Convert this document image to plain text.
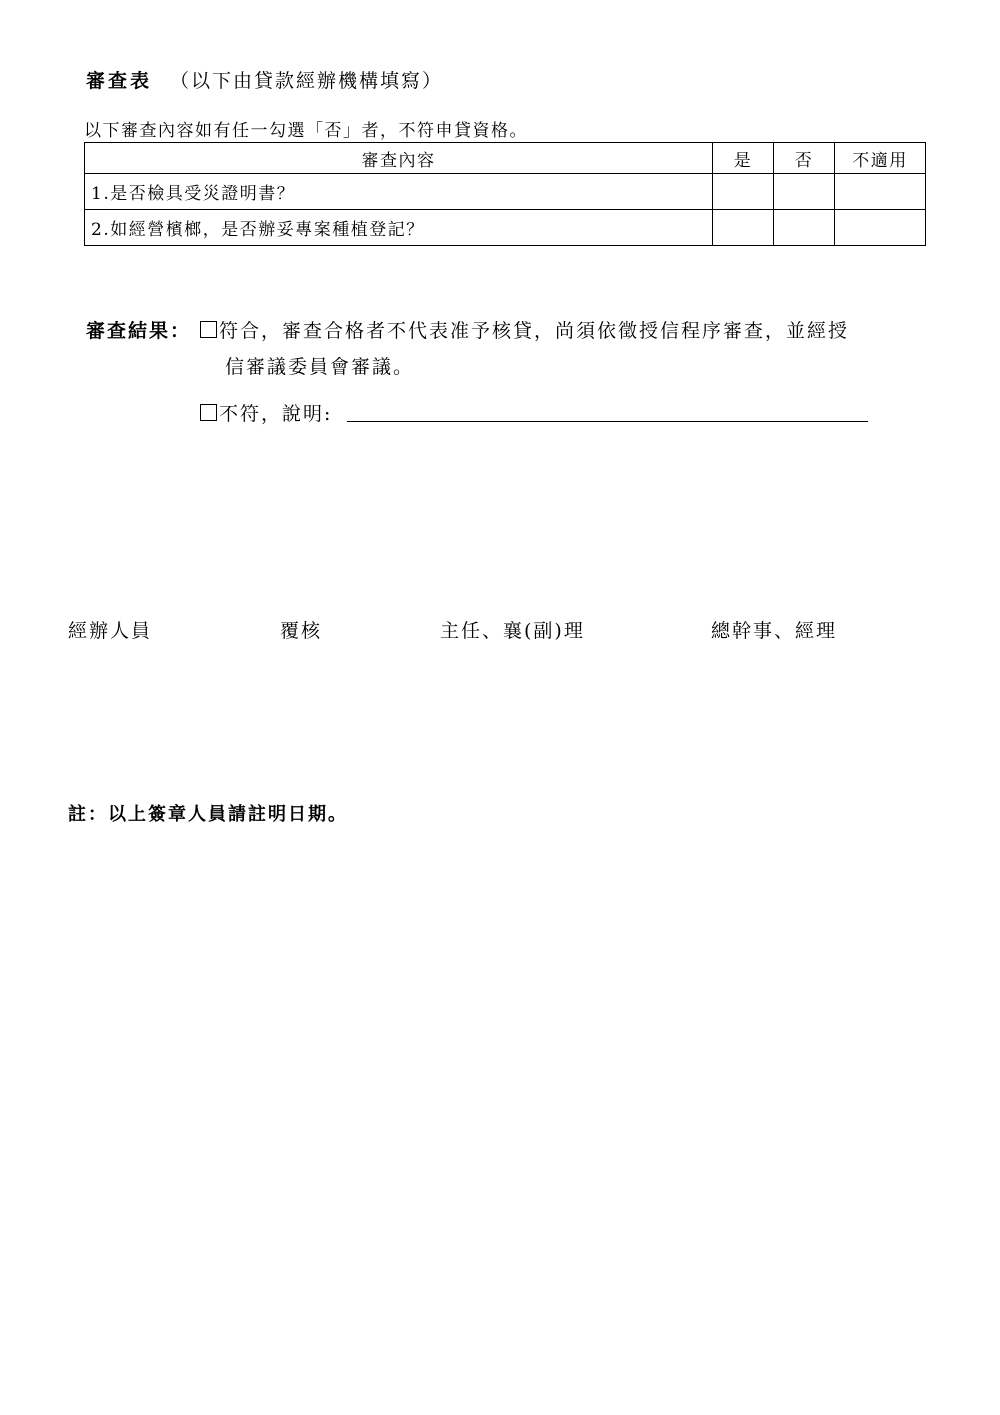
審查表 （以下由貸款經辦機構填寫）
以下審查內容如有任一勾選「否」者，不符申貸資格。
審查內容	是	否	不適用
1.是否檢具受災證明書？			
2.如經營檳榔，是否辦妥專案種植登記？			
審查結果：	符合，審查合格者不代表准予核貸，尚須依徵授信程序審查，並經授
信審議委員會審議。
不符，說明:
經辦人員	覆核	主任、襄(副)理	總幹事、經理
註：以上簽章人員請註明日期。
